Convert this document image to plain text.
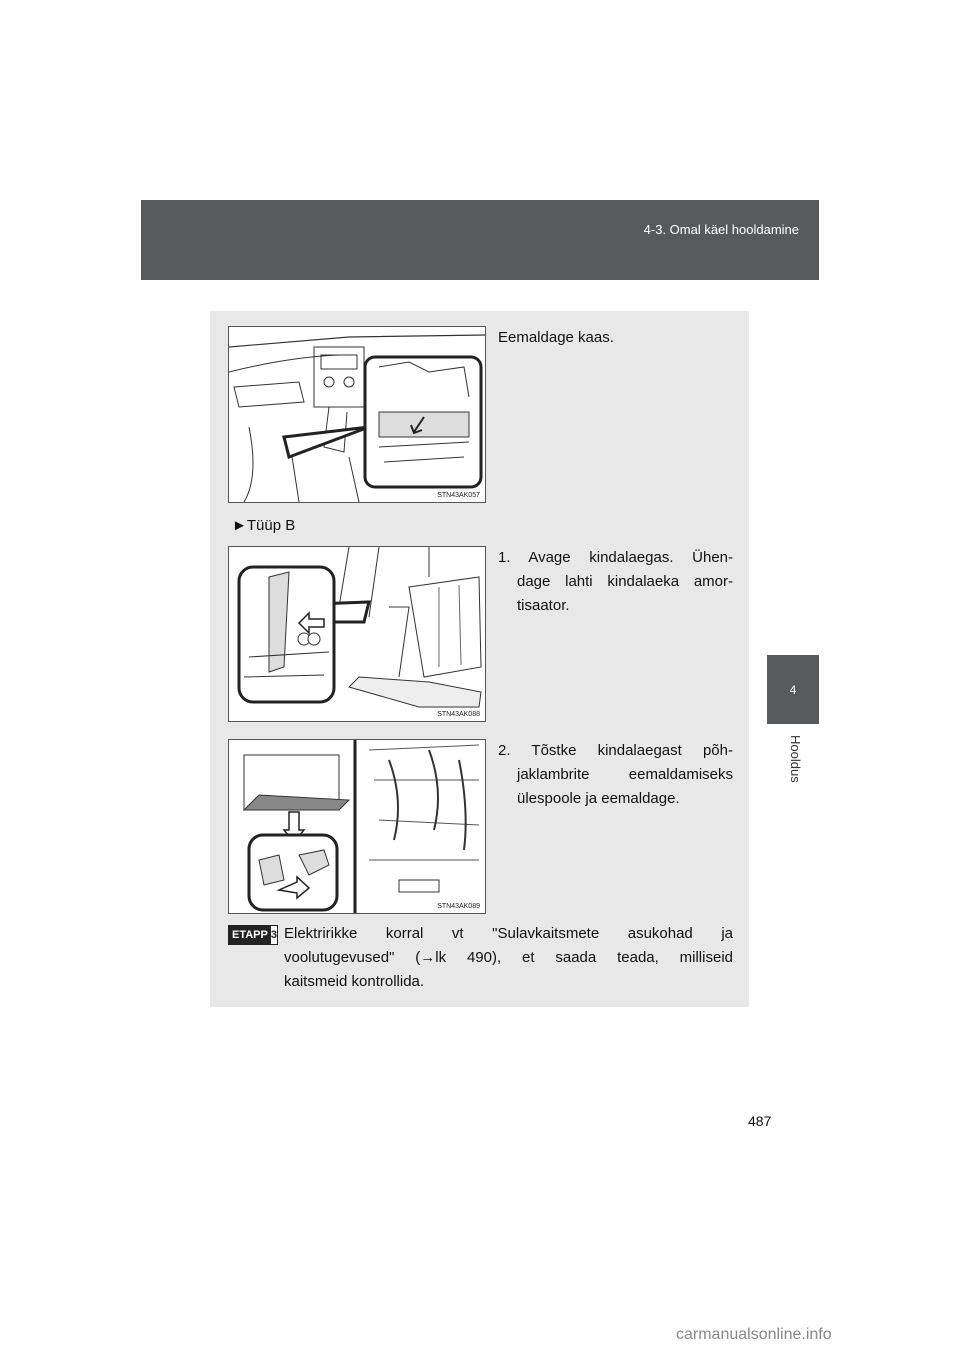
4-3. Omal käel hooldamine
4
Hooldus
STN43AK057
Eemaldage kaas.
►Tüüp B
STN43AK088
1. Avage kindalaegas. Ühen-
dage lahti kindalaeka amor-
tisaator.
STN43AK089
2. Tõstke kindalaegast põh-
jaklambrite eemaldamiseks
ülespoole ja eemaldage.
ETAPP 3 Elektririkke korral vt "Sulavkaitsmete asukohad ja
voolutugevused" (→lk 490), et saada teada, milliseid
kaitsmeid kontrollida.
487
carmanualsonline.info
